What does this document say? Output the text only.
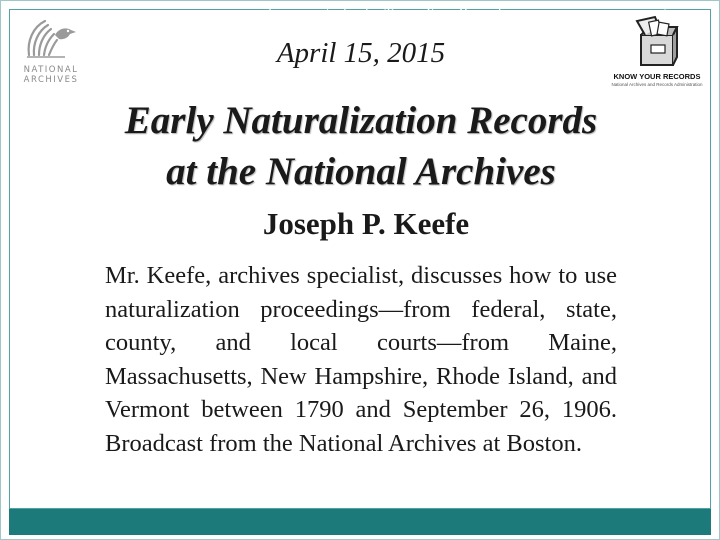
NATIONAL
ARCHIVES	KNOW YOUR RECORDS
National Archives and Records Administration
April 15, 2015
Early Naturalization Records
at the National Archives
Joseph P. Keefe

Mr. Keefe, archives specialist, discusses how to use naturalization proceedings—from federal, state, county, and local courts—from Maine, Massachusetts, New Hampshire, Rhode Island, and Vermont between 1790 and September 26, 1906. Broadcast from the National Archives at Boston.

www.archives.gov/calendar/Know-Your-Records	1
